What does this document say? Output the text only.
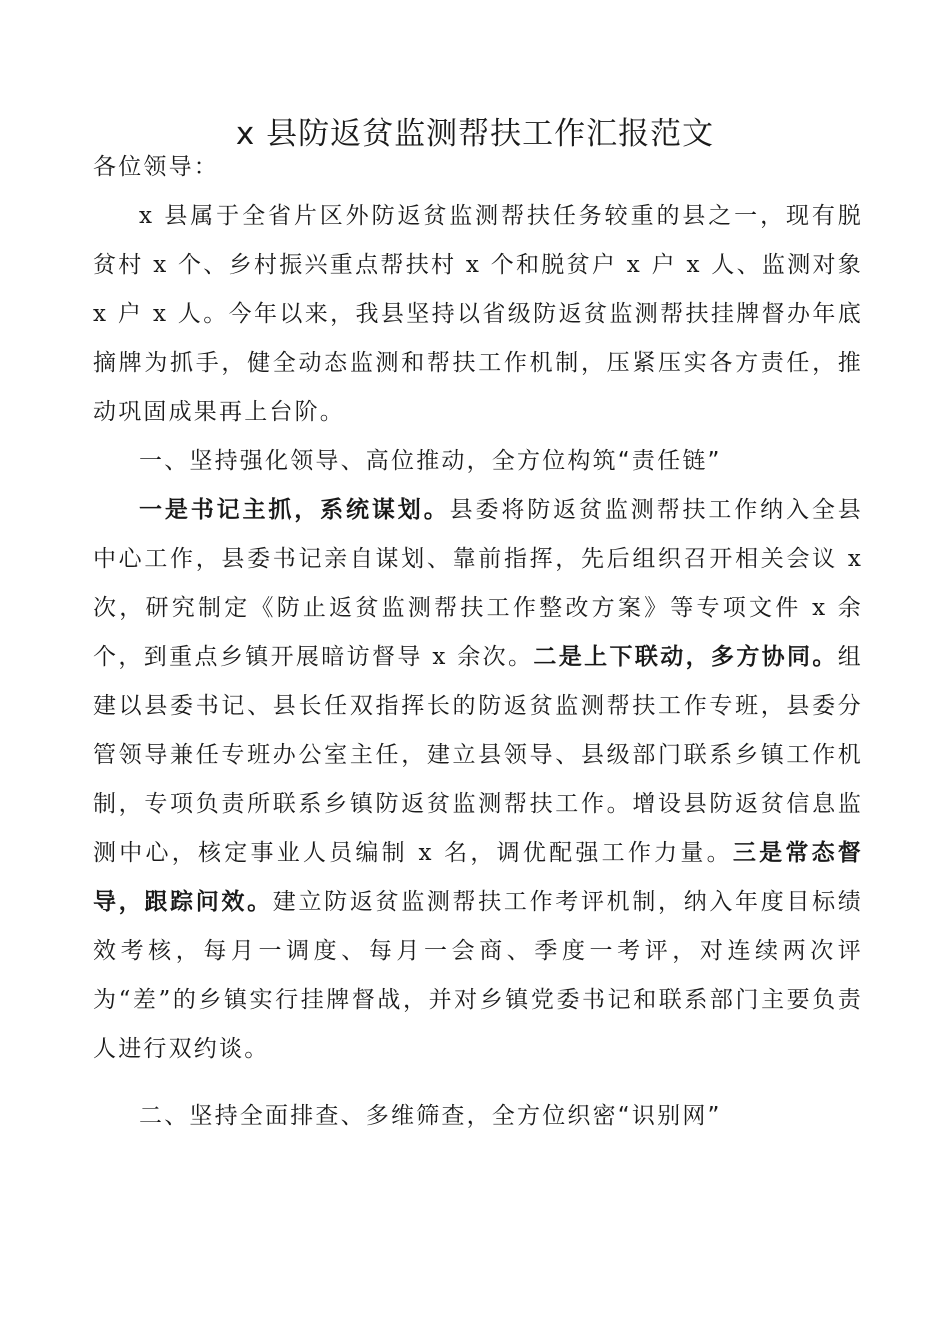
x 县防返贫监测帮扶工作汇报范文

各位领导：

x 县属于全省片区外防返贫监测帮扶任务较重的县之一，现有脱贫村 x 个、乡村振兴重点帮扶村 x 个和脱贫户 x 户 x 人、监测对象 x 户 x 人。今年以来，我县坚持以省级防返贫监测帮扶挂牌督办年底摘牌为抓手，健全动态监测和帮扶工作机制，压紧压实各方责任，推动巩固成果再上台阶。

一、坚持强化领导、高位推动，全方位构筑“责任链”

一是书记主抓，系统谋划。县委将防返贫监测帮扶工作纳入全县中心工作，县委书记亲自谋划、靠前指挥，先后组织召开相关会议 x 次，研究制定《防止返贫监测帮扶工作整改方案》等专项文件 x 余个，到重点乡镇开展暗访督导 x 余次。二是上下联动，多方协同。组建以县委书记、县长任双指挥长的防返贫监测帮扶工作专班，县委分管领导兼任专班办公室主任，建立县领导、县级部门联系乡镇工作机制，专项负责所联系乡镇防返贫监测帮扶工作。增设县防返贫信息监测中心，核定事业人员编制 x 名，调优配强工作力量。三是常态督导，跟踪问效。建立防返贫监测帮扶工作考评机制，纳入年度目标绩效考核，每月一调度、每月一会商、季度一考评，对连续两次评为“差”的乡镇实行挂牌督战，并对乡镇党委书记和联系部门主要负责人进行双约谈。

二、坚持全面排查、多维筛查，全方位织密“识别网”
